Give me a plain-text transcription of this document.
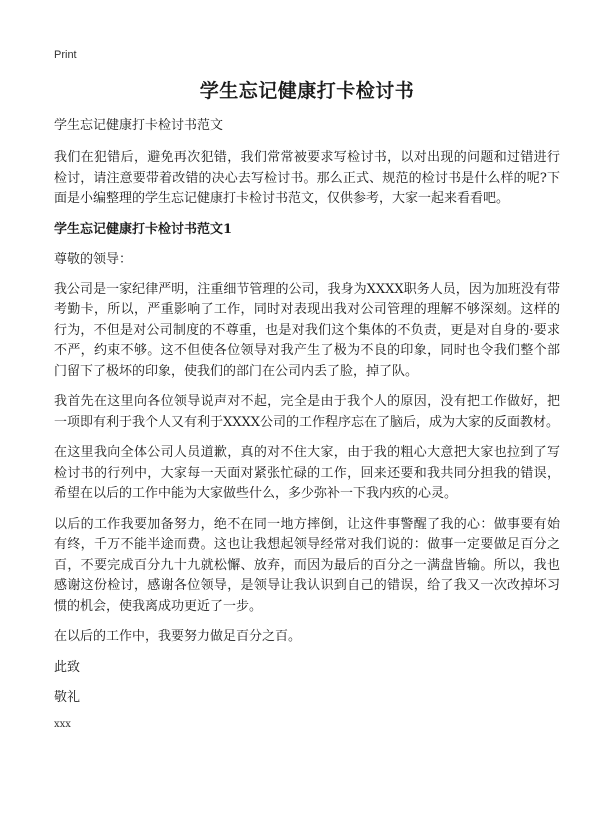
Print
学生忘记健康打卡检讨书
学生忘记健康打卡检讨书范文

我们在犯错后，避免再次犯错，我们常常被要求写检讨书，以对出现的问题和过错进行检讨，请注意要带着改错的决心去写检讨书。那么正式、规范的检讨书是什么样的呢?下面是小编整理的学生忘记健康打卡检讨书范文，仅供参考，大家一起来看看吧。

学生忘记健康打卡检讨书范文1
尊敬的领导：

我公司是一家纪律严明，注重细节管理的公司，我身为XXXX职务人员，因为加班没有带考勤卡，所以，严重影响了工作，同时对表现出我对公司管理的理解不够深刻。这样的行为，不但是对公司制度的不尊重，也是对我们这个集体的不负责，更是对自身的·要求不严，约束不够。这不但使各位领导对我产生了极为不良的印象，同时也令我们整个部门留下了极坏的印象，使我们的部门在公司内丢了脸，掉了队。

我首先在这里向各位领导说声对不起，完全是由于我个人的原因，没有把工作做好，把一项即有利于我个人又有利于XXXX公司的工作程序忘在了脑后，成为大家的反面教材。

在这里我向全体公司人员道歉，真的对不住大家，由于我的粗心大意把大家也拉到了写检讨书的行列中，大家每一天面对紧张忙碌的工作，回来还要和我共同分担我的错误，希望在以后的工作中能为大家做些什么，多少弥补一下我内疚的心灵。

以后的工作我要加备努力，绝不在同一地方摔倒，让这件事警醒了我的心：做事要有始有终，千万不能半途而费。这也让我想起领导经常对我们说的：做事一定要做足百分之百，不要完成百分九十九就松懈、放弃，而因为最后的百分之一满盘皆输。所以，我也感谢这份检讨，感谢各位领导，是领导让我认识到自己的错误，给了我又一次改掉坏习惯的机会，使我离成功更近了一步。

在以后的工作中，我要努力做足百分之百。

此致
敬礼
xxx
